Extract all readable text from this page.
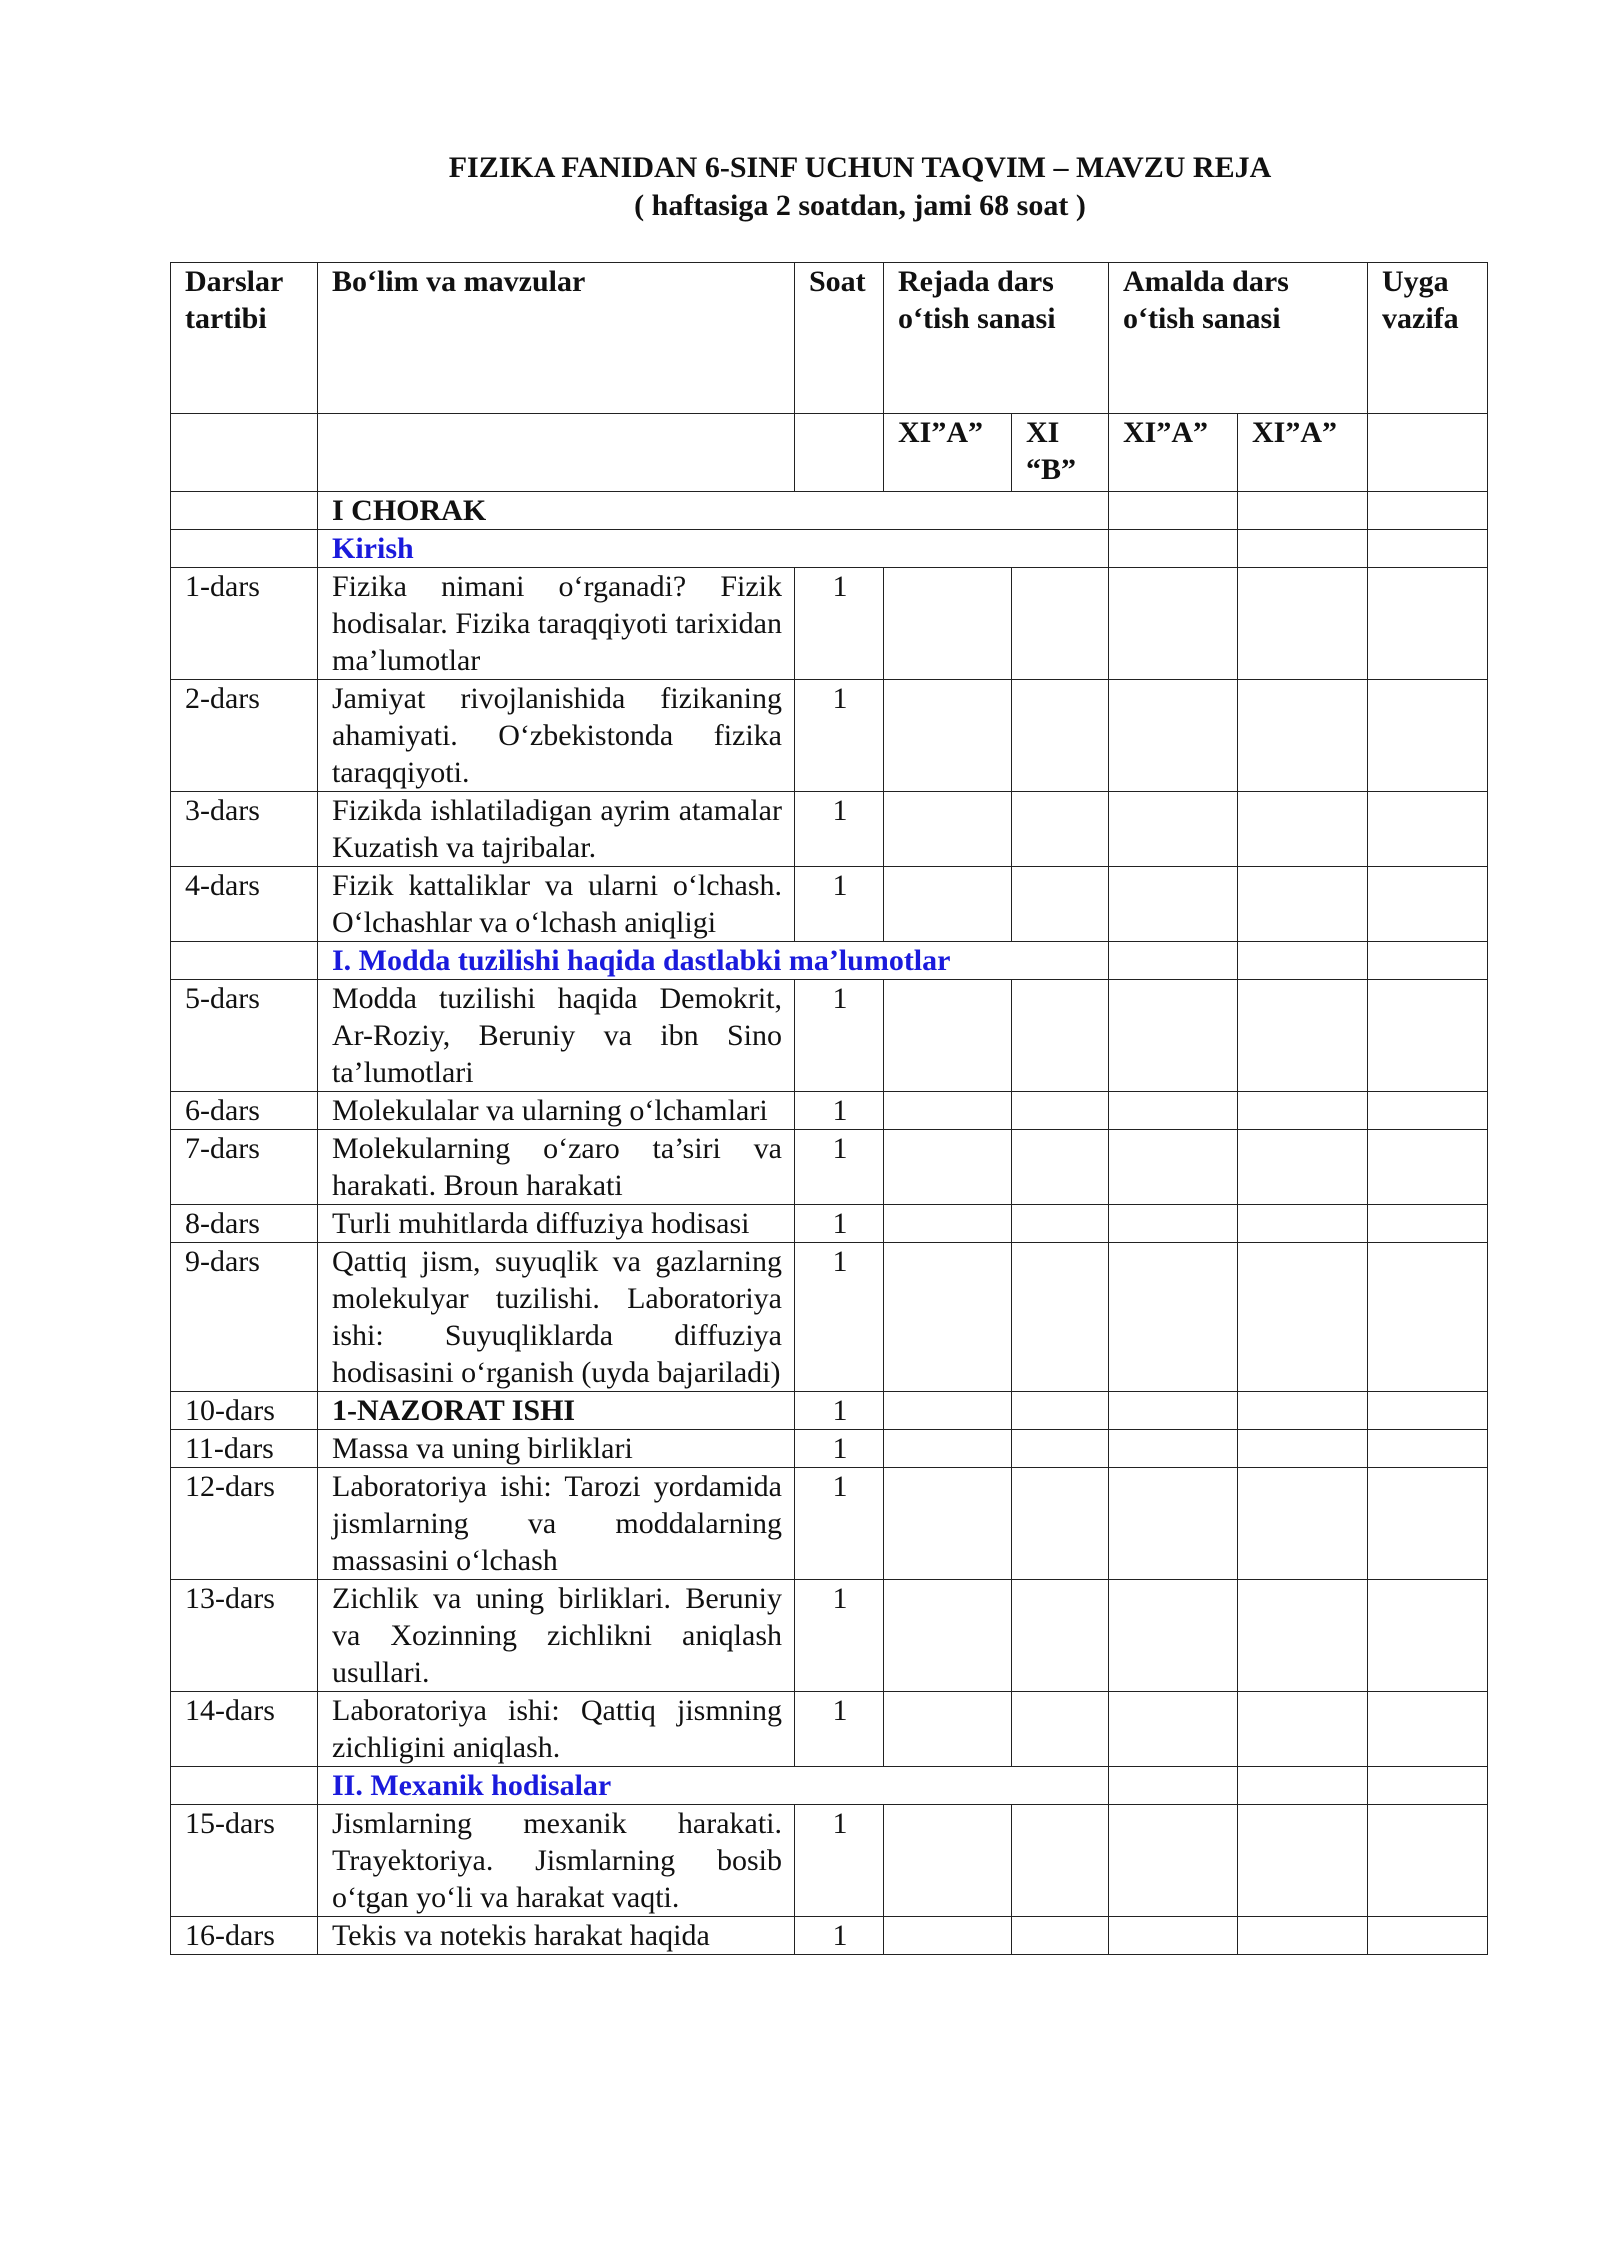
FIZIKA FANIDAN 6-SINF UCHUN TAQVIM – MAVZU REJA
( haftasiga 2 soatdan, jami 68 soat )
Darslar tartibi	Bo‘lim va mavzular	Soat	Rejada dars o‘tish sanasi		Amalda dars o‘tish sanasi		Uyga vazifa
			XI”A”	XI “B”	XI”A”	XI”A”	
	I CHORAK						
	Kirish						
1-dars	Fizika nimani o‘rganadi? Fizik hodisalar. Fizika taraqqiyoti tarixidan ma’lumotlar	1					
2-dars	Jamiyat rivojlanishida fizikaning ahamiyati. O‘zbekistonda fizika taraqqiyoti.	1					
3-dars	Fizikda ishlatiladigan ayrim atamalar Kuzatish va tajribalar.	1					
4-dars	Fizik kattaliklar va ularni o‘lchash. O‘lchashlar va o‘lchash aniqligi	1					
	I. Modda tuzilishi haqida dastlabki ma’lumotlar						
5-dars	Modda tuzilishi haqida Demokrit, Ar-Roziy, Beruniy va ibn Sino ta’lumotlari	1					
6-dars	Molekulalar va ularning o‘lchamlari	1					
7-dars	Molekularning o‘zaro ta’siri va harakati. Broun harakati	1					
8-dars	Turli muhitlarda diffuziya hodisasi	1					
9-dars	Qattiq jism, suyuqlik va gazlarning molekulyar tuzilishi. Laboratoriya ishi: Suyuqliklarda diffuziya hodisasini o‘rganish (uyda bajariladi)	1					
10-dars	1-NAZORAT ISHI	1					
11-dars	Massa va uning birliklari	1					
12-dars	Laboratoriya ishi: Tarozi yordamida jismlarning va moddalarning massasini o‘lchash	1					
13-dars	Zichlik va uning birliklari. Beruniy va Xozinning zichlikni aniqlash usullari.	1					
14-dars	Laboratoriya ishi: Qattiq jismning zichligini aniqlash.	1					
	II. Mexanik hodisalar						
15-dars	Jismlarning mexanik harakati. Trayektoriya. Jismlarning bosib o‘tgan yo‘li va harakat vaqti.	1					
16-dars	Tekis va notekis harakat haqida	1					
